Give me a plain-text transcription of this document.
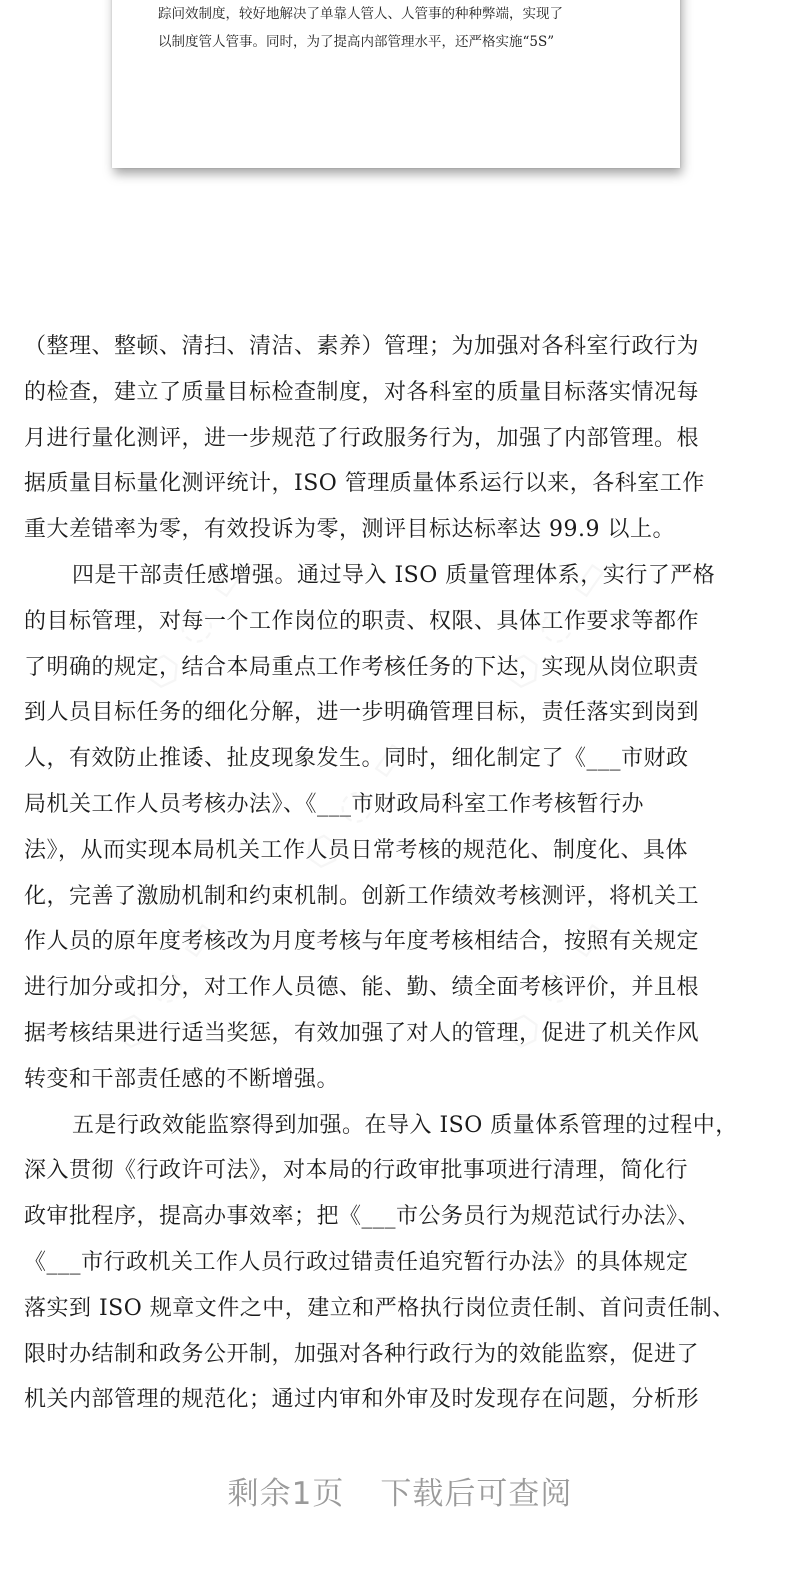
踪问效制度，较好地解决了单靠人管人、人管事的种种弊端，实现了
以制度管人管事。同时，为了提高内部管理水平，还严格实施“5S”
⬡ ◌ ▭	⬡ ◌ ▭
⬡ ◌ ▭
⬡ ◌ ▭	⬡ ◌ ▭
（整理、整顿、清扫、清洁、素养）管理；为加强对各科室行政行为
的检查，建立了质量目标检查制度，对各科室的质量目标落实情况每
月进行量化测评，进一步规范了行政服务行为，加强了内部管理。根
据质量目标量化测评统计，ISO 管理质量体系运行以来，各科室工作
重大差错率为零，有效投诉为零，测评目标达标率达 99.9 以上。
四是干部责任感增强。通过导入 ISO 质量管理体系，实行了严格
的目标管理，对每一个工作岗位的职责、权限、具体工作要求等都作
了明确的规定，结合本局重点工作考核任务的下达，实现从岗位职责
到人员目标任务的细化分解，进一步明确管理目标，责任落实到岗到
人，有效防止推诿、扯皮现象发生。同时，细化制定了《___市财政
局机关工作人员考核办法》、《___市财政局科室工作考核暂行办
法》，从而实现本局机关工作人员日常考核的规范化、制度化、具体
化，完善了激励机制和约束机制。创新工作绩效考核测评，将机关工
作人员的原年度考核改为月度考核与年度考核相结合，按照有关规定
进行加分或扣分，对工作人员德、能、勤、绩全面考核评价，并且根
据考核结果进行适当奖惩，有效加强了对人的管理，促进了机关作风
转变和干部责任感的不断增强。
五是行政效能监察得到加强。在导入 ISO 质量体系管理的过程中，
深入贯彻《行政许可法》，对本局的行政审批事项进行清理，简化行
政审批程序，提高办事效率；把《___市公务员行为规范试行办法》、
《___市行政机关工作人员行政过错责任追究暂行办法》的具体规定
落实到 ISO 规章文件之中，建立和严格执行岗位责任制、首问责任制、
限时办结制和政务公开制，加强对各种行政行为的效能监察，促进了
机关内部管理的规范化；通过内审和外审及时发现存在问题，分析形
剩余1页 下载后可查阅
